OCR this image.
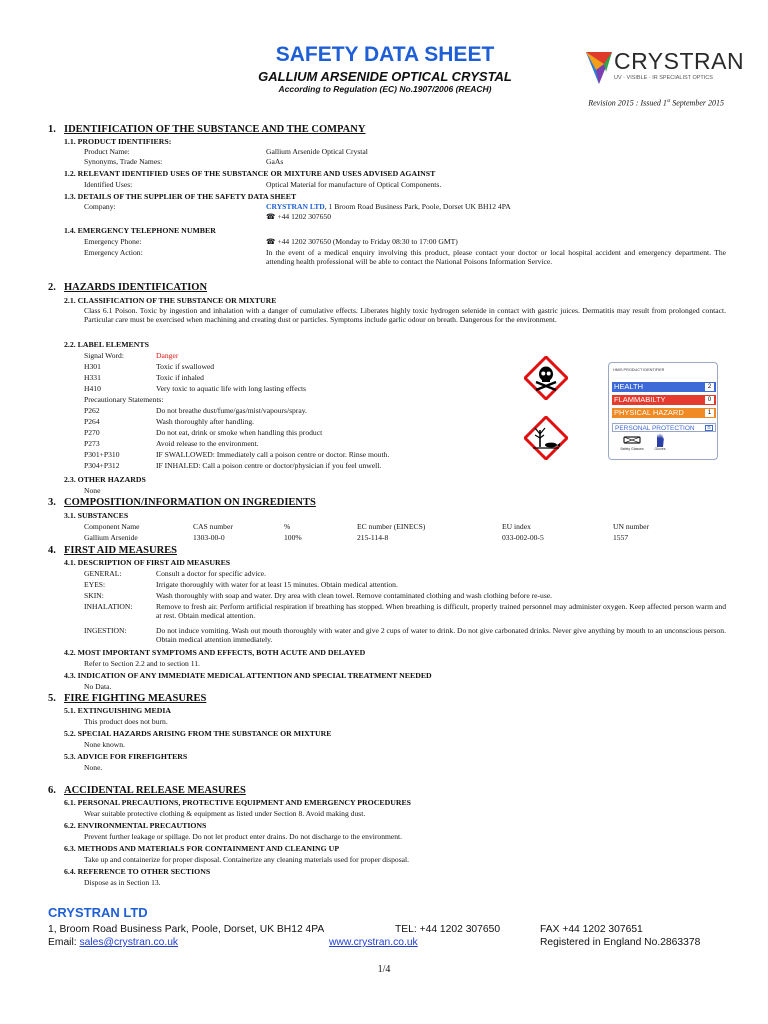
SAFETY DATA SHEET
GALLIUM ARSENIDE OPTICAL CRYSTAL
According to Regulation (EC) No.1907/2006 (REACH)
Revision 2015 : Issued 1st September 2015
CRYSTRAN
UV · VISIBLE · IR SPECIALIST OPTICS
1. IDENTIFICATION OF THE SUBSTANCE AND THE COMPANY
1.1. PRODUCT IDENTIFIERS:
Product Name:	Gallium Arsenide Optical Crystal
Synonyms, Trade Names:	GaAs
1.2. RELEVANT IDENTIFIED USES OF THE SUBSTANCE OR MIXTURE AND USES ADVISED AGAINST
Identified Uses:	Optical Material for manufacture of Optical Components.
1.3. DETAILS OF THE SUPPLIER OF THE SAFETY DATA SHEET
Company:	CRYSTRAN LTD, 1 Broom Road Business Park, Poole, Dorset UK BH12 4PA
☎ +44 1202 307650
1.4. EMERGENCY TELEPHONE NUMBER
Emergency Phone:	☎ +44 1202 307650 (Monday to Friday 08:30 to 17:00 GMT)
Emergency Action:	In the event of a medical enquiry involving this product, please contact your doctor or local hospital accident and emergency department. The attending health professional will be able to contact the National Poisons Information Service.
2. HAZARDS IDENTIFICATION
2.1. CLASSIFICATION OF THE SUBSTANCE OR MIXTURE
Class 6.1 Poison. Toxic by ingestion and inhalation with a danger of cumulative effects. Liberates highly toxic hydrogen selenide in contact with gastric juices. Dermatitis may result from prolonged contact. Particular care must be exercised when machining and creating dust or particles. Symptoms include garlic odour on breath. Dangerous for the environment.
2.2. LABEL ELEMENTS
Signal Word:	Danger
H301	Toxic if swallowed
H331	Toxic if inhaled
H410	Very toxic to aquatic life with long lasting effects
Precautionary Statements:
P262	Do not breathe dust/fume/gas/mist/vapours/spray.
P264	Wash thoroughly after handling.
P270	Do not eat, drink or smoke when handling this product
P273	Avoid release to the environment.
P301+P310	IF SWALLOWED: Immediately call a poison centre or doctor. Rinse mouth.
P304+P312	IF INHALED: Call a poison centre or doctor/physician if you feel unwell.
2.3. OTHER HAZARDS
None
HMIS PRODUCT IDENTIFIER
HEALTH	2
FLAMMABILTY	0
PHYSICAL HAZARD	1
PERSONAL PROTECTION	B
Safety Glasses	Gloves
3. COMPOSITION/INFORMATION ON INGREDIENTS
3.1. SUBSTANCES
Component Name	CAS number	%	EC number (EINECS)	EU index	UN number
Gallium Arsenide	1303-00-0	100%	215-114-8	033-002-00-5	1557
4. FIRST AID MEASURES
4.1. DESCRIPTION OF FIRST AID MEASURES
GENERAL:	Consult a doctor for specific advice.
EYES:	Irrigate thoroughly with water for at least 15 minutes. Obtain medical attention.
SKIN:	Wash thoroughly with soap and water. Dry area with clean towel. Remove contaminated clothing and wash clothing before re-use.
INHALATION:	Remove to fresh air. Perform artificial respiration if breathing has stopped. When breathing is difficult, properly trained personnel may administer oxygen. Keep affected person warm and at rest. Obtain medical attention.
INGESTION:	Do not induce vomiting. Wash out mouth thoroughly with water and give 2 cups of water to drink. Do not give carbonated drinks. Never give anything by mouth to an unconscious person. Obtain medical attention immediately.
4.2. MOST IMPORTANT SYMPTOMS AND EFFECTS, BOTH ACUTE AND DELAYED
Refer to Section 2.2 and to section 11.
4.3. INDICATION OF ANY IMMEDIATE MEDICAL ATTENTION AND SPECIAL TREATMENT NEEDED
No Data.
5. FIRE FIGHTING MEASURES
5.1. EXTINGUISHING MEDIA
This product does not burn.
5.2. SPECIAL HAZARDS ARISING FROM THE SUBSTANCE OR MIXTURE
None known.
5.3. ADVICE FOR FIREFIGHTERS
None.
6. ACCIDENTAL RELEASE MEASURES
6.1. PERSONAL PRECAUTIONS, PROTECTIVE EQUIPMENT AND EMERGENCY PROCEDURES
Wear suitable protective clothing & equipment as listed under Section 8. Avoid making dust.
6.2. ENVIRONMENTAL PRECAUTIONS
Prevent further leakage or spillage. Do not let product enter drains. Do not discharge to the environment.
6.3. METHODS AND MATERIALS FOR CONTAINMENT AND CLEANING UP
Take up and containerize for proper disposal. Containerize any cleaning materials used for proper disposal.
6.4. REFERENCE TO OTHER SECTIONS
Dispose as in Section 13.
CRYSTRAN LTD
1, Broom Road Business Park, Poole, Dorset, UK BH12 4PA	TEL: +44 1202 307650	FAX +44 1202 307651
Email: sales@crystran.co.uk	www.crystran.co.uk	Registered in England No.2863378
1/4
